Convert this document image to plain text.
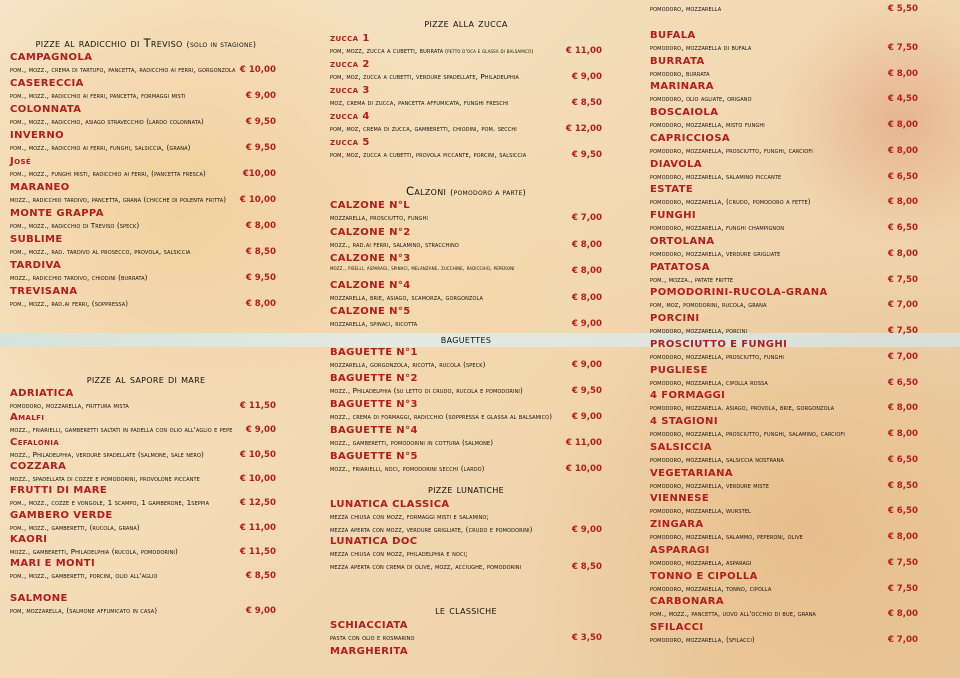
pizze al radicchio di Treviso (solo in stagione)
CAMPAGNOLA
pom., mozz., crema di tartufo, pancetta, radicchio ai ferri, gorgonzola € 10,00
CASERECCIA
pom., mozz., radicchio ai ferri, pancetta, formaggi misti	€ 9,00
COLONNATA
pom., mozz., radicchio, asiago stravecchio (lardo colonnata)	€ 9,50
INVERNO
pom., mozz., radicchio ai ferri, funghi, salsiccia, (grana)	€ 9,50
José
pom., mozz., funghi misti, radicchio ai ferri, (pancetta fresca)	€10,00
MARANEO
mozz., radicchio tardivo, pancetta, grana (chicche di polenta fritta) € 10,00
MONTE GRAPPA
pom., mozz., radicchio di Treviso (speck)	€ 8,00
SUBLIME
pom., mozz., rad. tardivo al prosecco, provola, salsiccia	€ 8,50
TARDIVA
mozz., radicchio tardivo, chiodini (burrata)	€ 9,50
TREVISANA
pom., mozz., rad.ai ferri, (soppressa)	€ 8,00
pizze al sapore di mare
ADRIATICA
pomodoro, mozzarella, frittura mista	€ 11,50
Amalfi
mozz., friarielli, gamberetti saltati in padella con olio all'aglio e pepe € 9,00
Cefalonia
mozz., Philadelphia, verdure spadellate (salmone, sale nero)	€ 10,50
COZZARA
mozz., spadellata di cozze e pomodorini, provolone piccante	€ 10,00
FRUTTI DI MARE
pom., mozz., cozze e vongole, 1 scampo, 1 gamberone, 1seppia	€ 12,50
GAMBERO VERDE
pom., mozz., gamberetti, (rucola, grana)	€ 11,00
KAORI
mozz., gamberetti, Philadelphia (rucola, pomodorini)	€ 11,50
MARI E MONTI
pom., mozz., gamberetti, porcini, olio all'aglio	€ 8,50
SALMONE
pom, mozzarella, (salmone affumicato in casa)	€ 9,00
pizze alla zucca
zucca 1
pom, mozz, zucca a cubetti, burrata (petto d'oca e glassa di balsamico)	€ 11,00
zucca 2
pom, moz, zucca a cubetti, verdure spadellate, Philadelphia	€ 9,00
zucca 3
moz, crema di zucca, pancetta affumicata, funghi freschi	€ 8,50
zucca 4
pom, moz, crema di zucca, gamberetti, chiodini, pom. secchi	€ 12,00
zucca 5
pom, moz, zucca a cubetti, provola piccante, porcini, salsiccia	€ 9,50
Calzoni (pomodoro a parte)
CALZONE N°L
mozzarella, prosciutto, funghi	€ 7,00
CALZONE N°2
mozz., rad.ai ferri, salamino, stracchino	€ 8,00
CALZONE N°3
mozz., piselli, asparagi, spinaci, melanzane, zucchine, radicchio, peperoni	€ 8,00
CALZONE N°4
mozzarella, brie, asiago, scamorza, gorgonzola	€ 8,00
CALZONE N°5
mozzarella, spinaci, ricotta	€ 9,00
baguettes
BAGUETTE N°1
mozzarella, gorgonzola, ricotta, rucola (speck)	€ 9,00
BAGUETTE N°2
mozz., Philadelphia (su letto di crudo, rucola e pomodorini)	€ 9,50
BAGUETTE N°3
mozz., crema di formaggi, radicchio (soppressa e glassa al balsamico) € 9,00
BAGUETTE N°4
mozz., gamberetti, pomodorini in cottura (salmone)	€ 11,00
BAGUETTE N°5
mozz., friarielli, noci, pomodorini secchi (lardo)	€ 10,00
pizze lunatiche
LUNATICA CLASSICA
mezza chiusa con mozz, formaggi misti e salamino;
mezza aperta con mozz, verdure grigliate, (crudo e pomodorini)	€ 9,00
LUNATICA DOC
mezza chiusa con mozz, philadelphia e noci;
mezza aperta con crema di olive, mozz, acciughe, pomodorini	€ 8,50
le classiche
SCHIACCIATA
pasta con olio e rosmarino	€ 3,50
MARGHERITA
pomodoro, mozzarella	€ 5,50
BUFALA
pomodoro, mozzarella di bufala	€ 7,50
BURRATA
pomodoro, burrata	€ 8,00
MARINARA
pomodoro, olio agliate, origano	€ 4,50
BOSCAIOLA
pomodoro, mozzarella, misto funghi	€ 8,00
CAPRICCIOSA
pomodoro, mozzarella, prosciutto, funghi, carciofi	€ 8,00
DIAVOLA
pomodoro, mozzarella, salamino piccante	€ 6,50
ESTATE
pomodoro, mozzarella, (crudo, pomodoro a fette)	€ 8,00
FUNGHI
pomodoro, mozzarella, funghi champignon	€ 6,50
ORTOLANA
pomodoro, mozzarella, verdure grigliate	€ 8,00
PATATOSA
pom., mozza., patate fritte	€ 7,50
POMODORINI-RUCOLA-GRANA
pom, moz, pomodorini, rucola, grana	€ 7,00
PORCINI
pomodoro, mozzarella, porcini	€ 7,50
PROSCIUTTO E FUNGHI
pomodoro, mozzarella, prosciutto, funghi	€ 7,00
PUGLIESE
pomodoro, mozzarella, cipolla rossa	€ 6,50
4 FORMAGGI
pomodoro, mozzarella. asiago, provola, brie, gorgonzola	€ 8,00
4 STAGIONI
pomodoro, mozzarella, prosciutto, funghi, salamino, carciofi	€ 8,00
SALSICCIA
pomodoro, mozzarella, salsiccia nostrana	€ 6,50
VEGETARIANA
pomodoro, mozzarella, verdure miste	€ 8,50
VIENNESE
pomodoro, mozzarella, wurstel	€ 6,50
ZINGARA
pomodoro, mozzarella, salammo, peperoni, olive	€ 8,00
ASPARAGI
pomodoro, mozzarella, asparagi	€ 7,50
TONNO E CIPOLLA
pomodoro, mozzarella, tonno, cipolla	€ 7,50
CARBONARA
pom., mozz., pancetta, uovo all'occhio di bue, grana	€ 8,00
SFILACCI
pomodoro, mozzarella, (sfilacci)	€ 7,00
